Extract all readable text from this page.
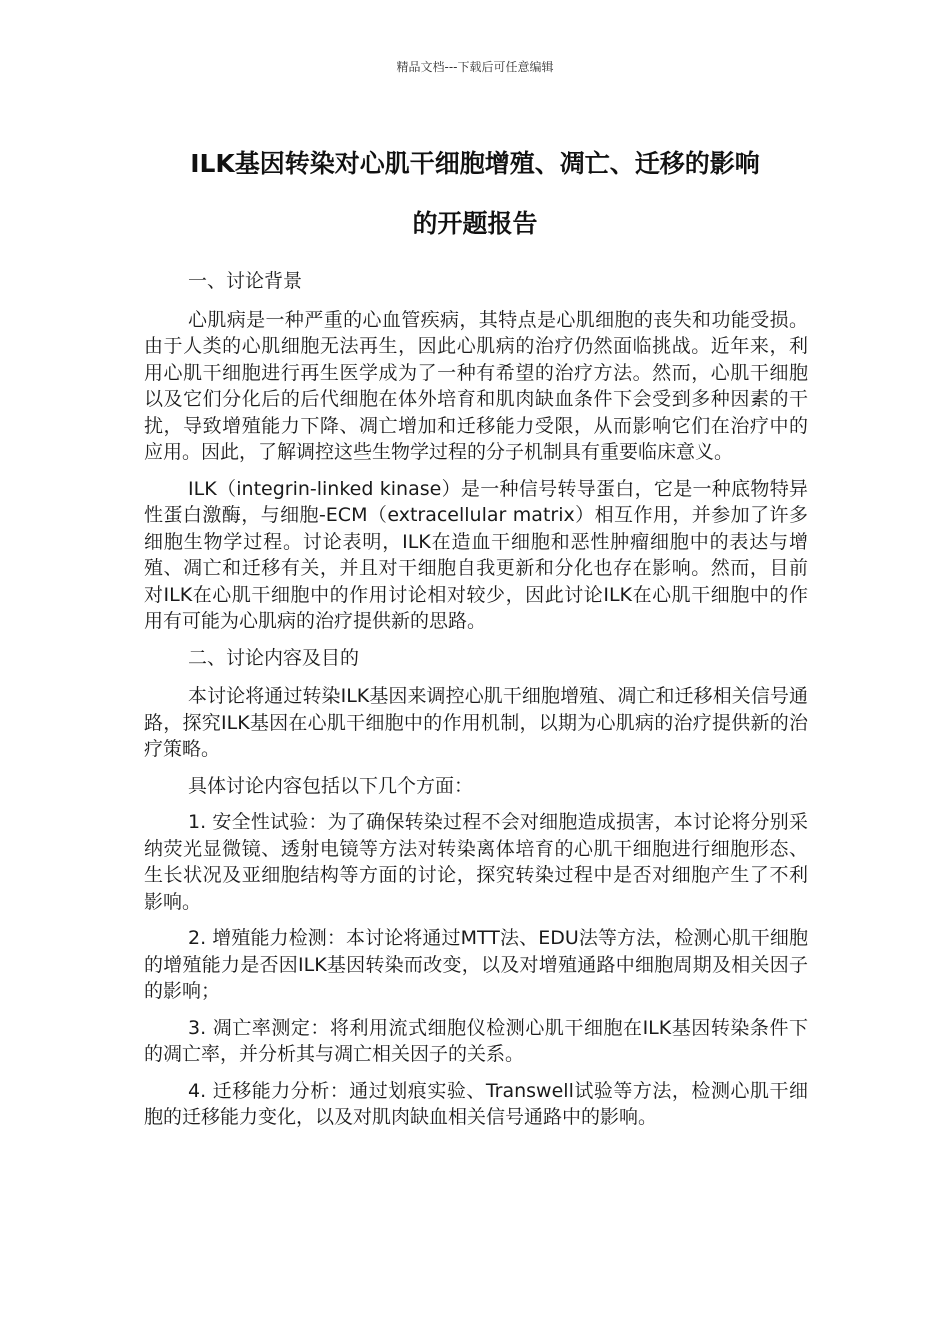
精品文档---下载后可任意编辑
ILK基因转染对心肌干细胞增殖、凋亡、迁移的影响
的开题报告

一、讨论背景

心肌病是一种严重的心血管疾病，其特点是心肌细胞的丧失和功能受损。由于人类的心肌细胞无法再生，因此心肌病的治疗仍然面临挑战。近年来，利用心肌干细胞进行再生医学成为了一种有希望的治疗方法。然而，心肌干细胞以及它们分化后的后代细胞在体外培育和肌肉缺血条件下会受到多种因素的干扰，导致增殖能力下降、凋亡增加和迁移能力受限，从而影响它们在治疗中的应用。因此，了解调控这些生物学过程的分子机制具有重要临床意义。

ILK（integrin-linked kinase）是一种信号转导蛋白，它是一种底物特异性蛋白激酶，与细胞-ECM（extracellular matrix）相互作用，并参加了许多细胞生物学过程。讨论表明，ILK在造血干细胞和恶性肿瘤细胞中的表达与增殖、凋亡和迁移有关，并且对干细胞自我更新和分化也存在影响。然而，目前对ILK在心肌干细胞中的作用讨论相对较少，因此讨论ILK在心肌干细胞中的作用有可能为心肌病的治疗提供新的思路。

二、讨论内容及目的

本讨论将通过转染ILK基因来调控心肌干细胞增殖、凋亡和迁移相关信号通路，探究ILK基因在心肌干细胞中的作用机制，以期为心肌病的治疗提供新的治疗策略。

具体讨论内容包括以下几个方面：

1. 安全性试验：为了确保转染过程不会对细胞造成损害，本讨论将分别采纳荧光显微镜、透射电镜等方法对转染离体培育的心肌干细胞进行细胞形态、生长状况及亚细胞结构等方面的讨论，探究转染过程中是否对细胞产生了不利影响。

2. 增殖能力检测：本讨论将通过MTT法、EDU法等方法，检测心肌干细胞的增殖能力是否因ILK基因转染而改变，以及对增殖通路中细胞周期及相关因子的影响；

3. 凋亡率测定：将利用流式细胞仪检测心肌干细胞在ILK基因转染条件下的凋亡率，并分析其与凋亡相关因子的关系。

4. 迁移能力分析：通过划痕实验、Transwell试验等方法，检测心肌干细胞的迁移能力变化，以及对肌肉缺血相关信号通路中的影响。
